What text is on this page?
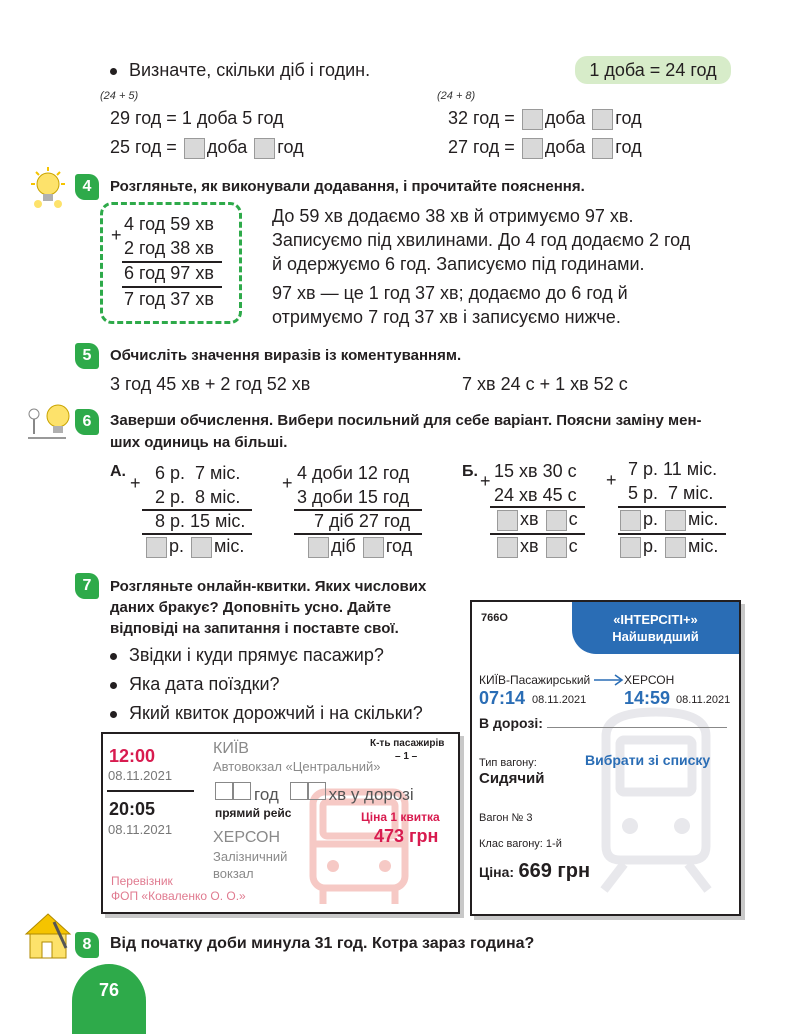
Визначте, скільки діб і годин.	1 доба = 24 год
(24 + 5)	(24 + 8)
29 год = 1 доба 5 год	32 год = доба год
25 год = доба год	27 год = доба год
4	Розгляньте, як виконували додавання, і прочитайте пояснення.
+
4 год 59 хв
2 год 38 хв
6 год 97 хв
7 год 37 хв
До 59 хв додаємо 38 хв й отримуємо 97 хв.
Записуємо під хвилинами. До 4 год додаємо 2 год
й одержуємо 6 год. Записуємо під годинами.
97 хв — це 1 год 37 хв; додаємо до 6 год й
отримуємо 7 год 37 хв і записуємо нижче.
5	Обчисліть значення виразів із коментуванням.
3 год 45 хв + 2 год 52 хв	7 хв 24 с + 1 хв 52 с
6	Заверши обчислення. Вибери посильний для себе варіант. Поясни заміну мен-
ших одиниць на більші.
А.
+ 6 р.  7 міс.
2 р.  8 міс.
8 р. 15 міс.
р. міс.
+ 4 доби 12 год
3 доби 15 год
7 діб 27 год
діб год
Б. + 15 хв 30 с
24 хв 45 с
хв с
хв с
+
7 р. 11 міс.
5 р.  7 міс.
р. міс.
р. міс.
7	Розгляньте онлайн-квитки. Яких числових
даних бракує? Доповніть усно. Дайте
відповіді на запитання і поставте свої.
Звідки і куди прямує пасажир?
Яка дата поїздки?
Який квиток дорожчий і на скільки?
12:00
08.11.2021
20:05
08.11.2021
КИЇВ
Автовокзал «Центральний»
год	хв у дорозі
прямий рейс
ХЕРСОН
Залізничний
вокзал
К-ть пасажирів
– 1 –
Ціна 1 квитка
473 грн
Перевізник
ФОП «Коваленко О. О.»
766О	«ІНТЕРСІТІ+»
Найшвидший
КИЇВ-Пасажирський	ХЕРСОН
07:14 08.11.2021 14:59 08.11.2021
В дорозі:
Тип вагону:
Сидячий
Вибрати зі списку
Вагон № 3
Клас вагону: 1-й
Ціна: 669 грн
8	Від початку доби минула 31 год. Котра зараз година?
76
